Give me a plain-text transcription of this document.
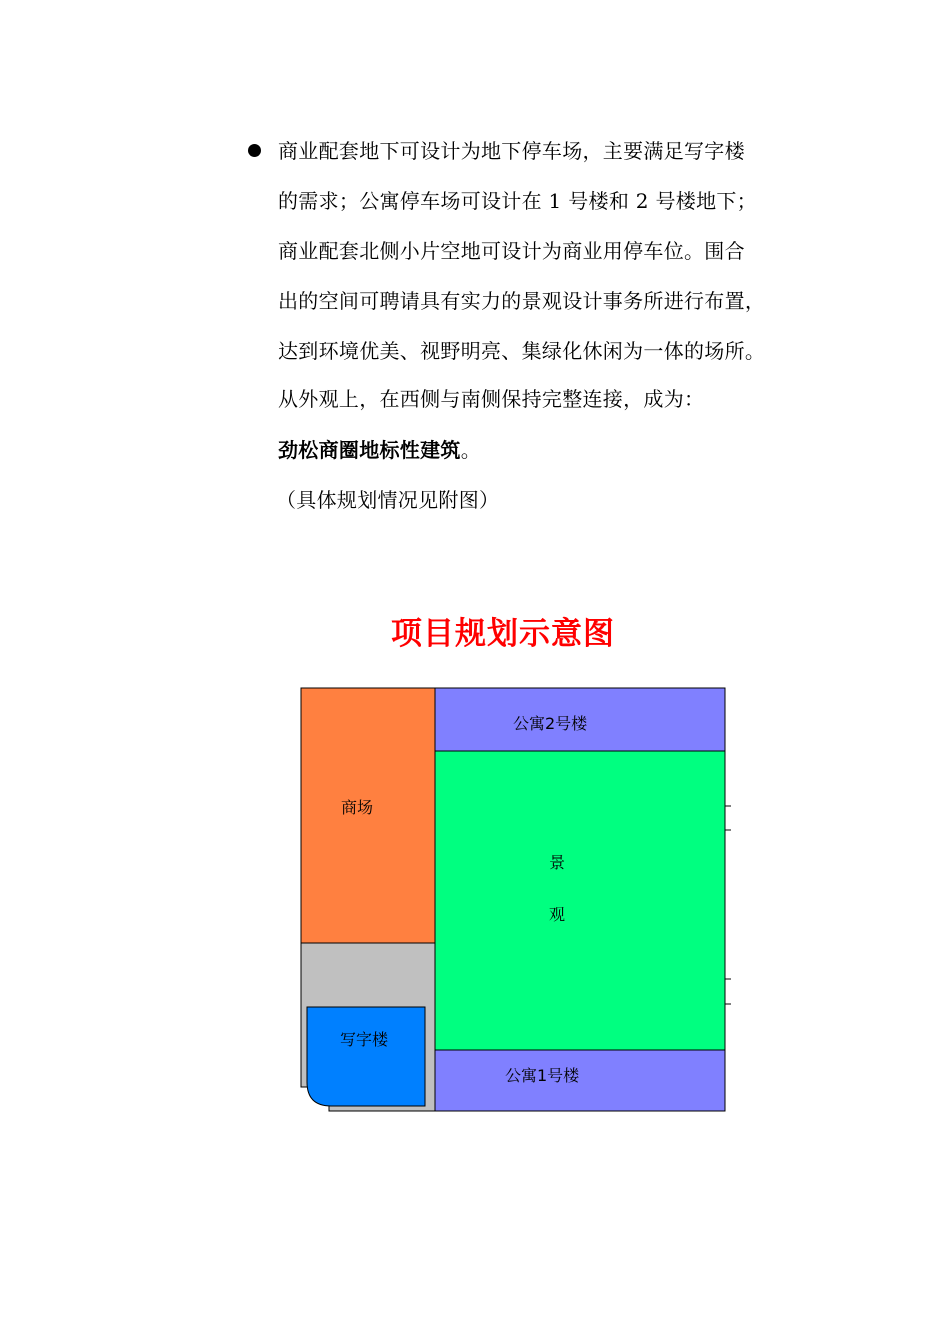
商业配套地下可设计为地下停车场，主要满足写字楼
的需求；公寓停车场可设计在 1 号楼和 2 号楼地下；
商业配套北侧小片空地可设计为商业用停车位。围合
出的空间可聘请具有实力的景观设计事务所进行布置，
达到环境优美、视野明亮、集绿化休闲为一体的场所。
从外观上，在西侧与南侧保持完整连接，成为：
劲松商圈地标性建筑。
（具体规划情况见附图）
项目规划示意图
商场
公寓2号楼
景
观
写字楼
公寓1号楼
